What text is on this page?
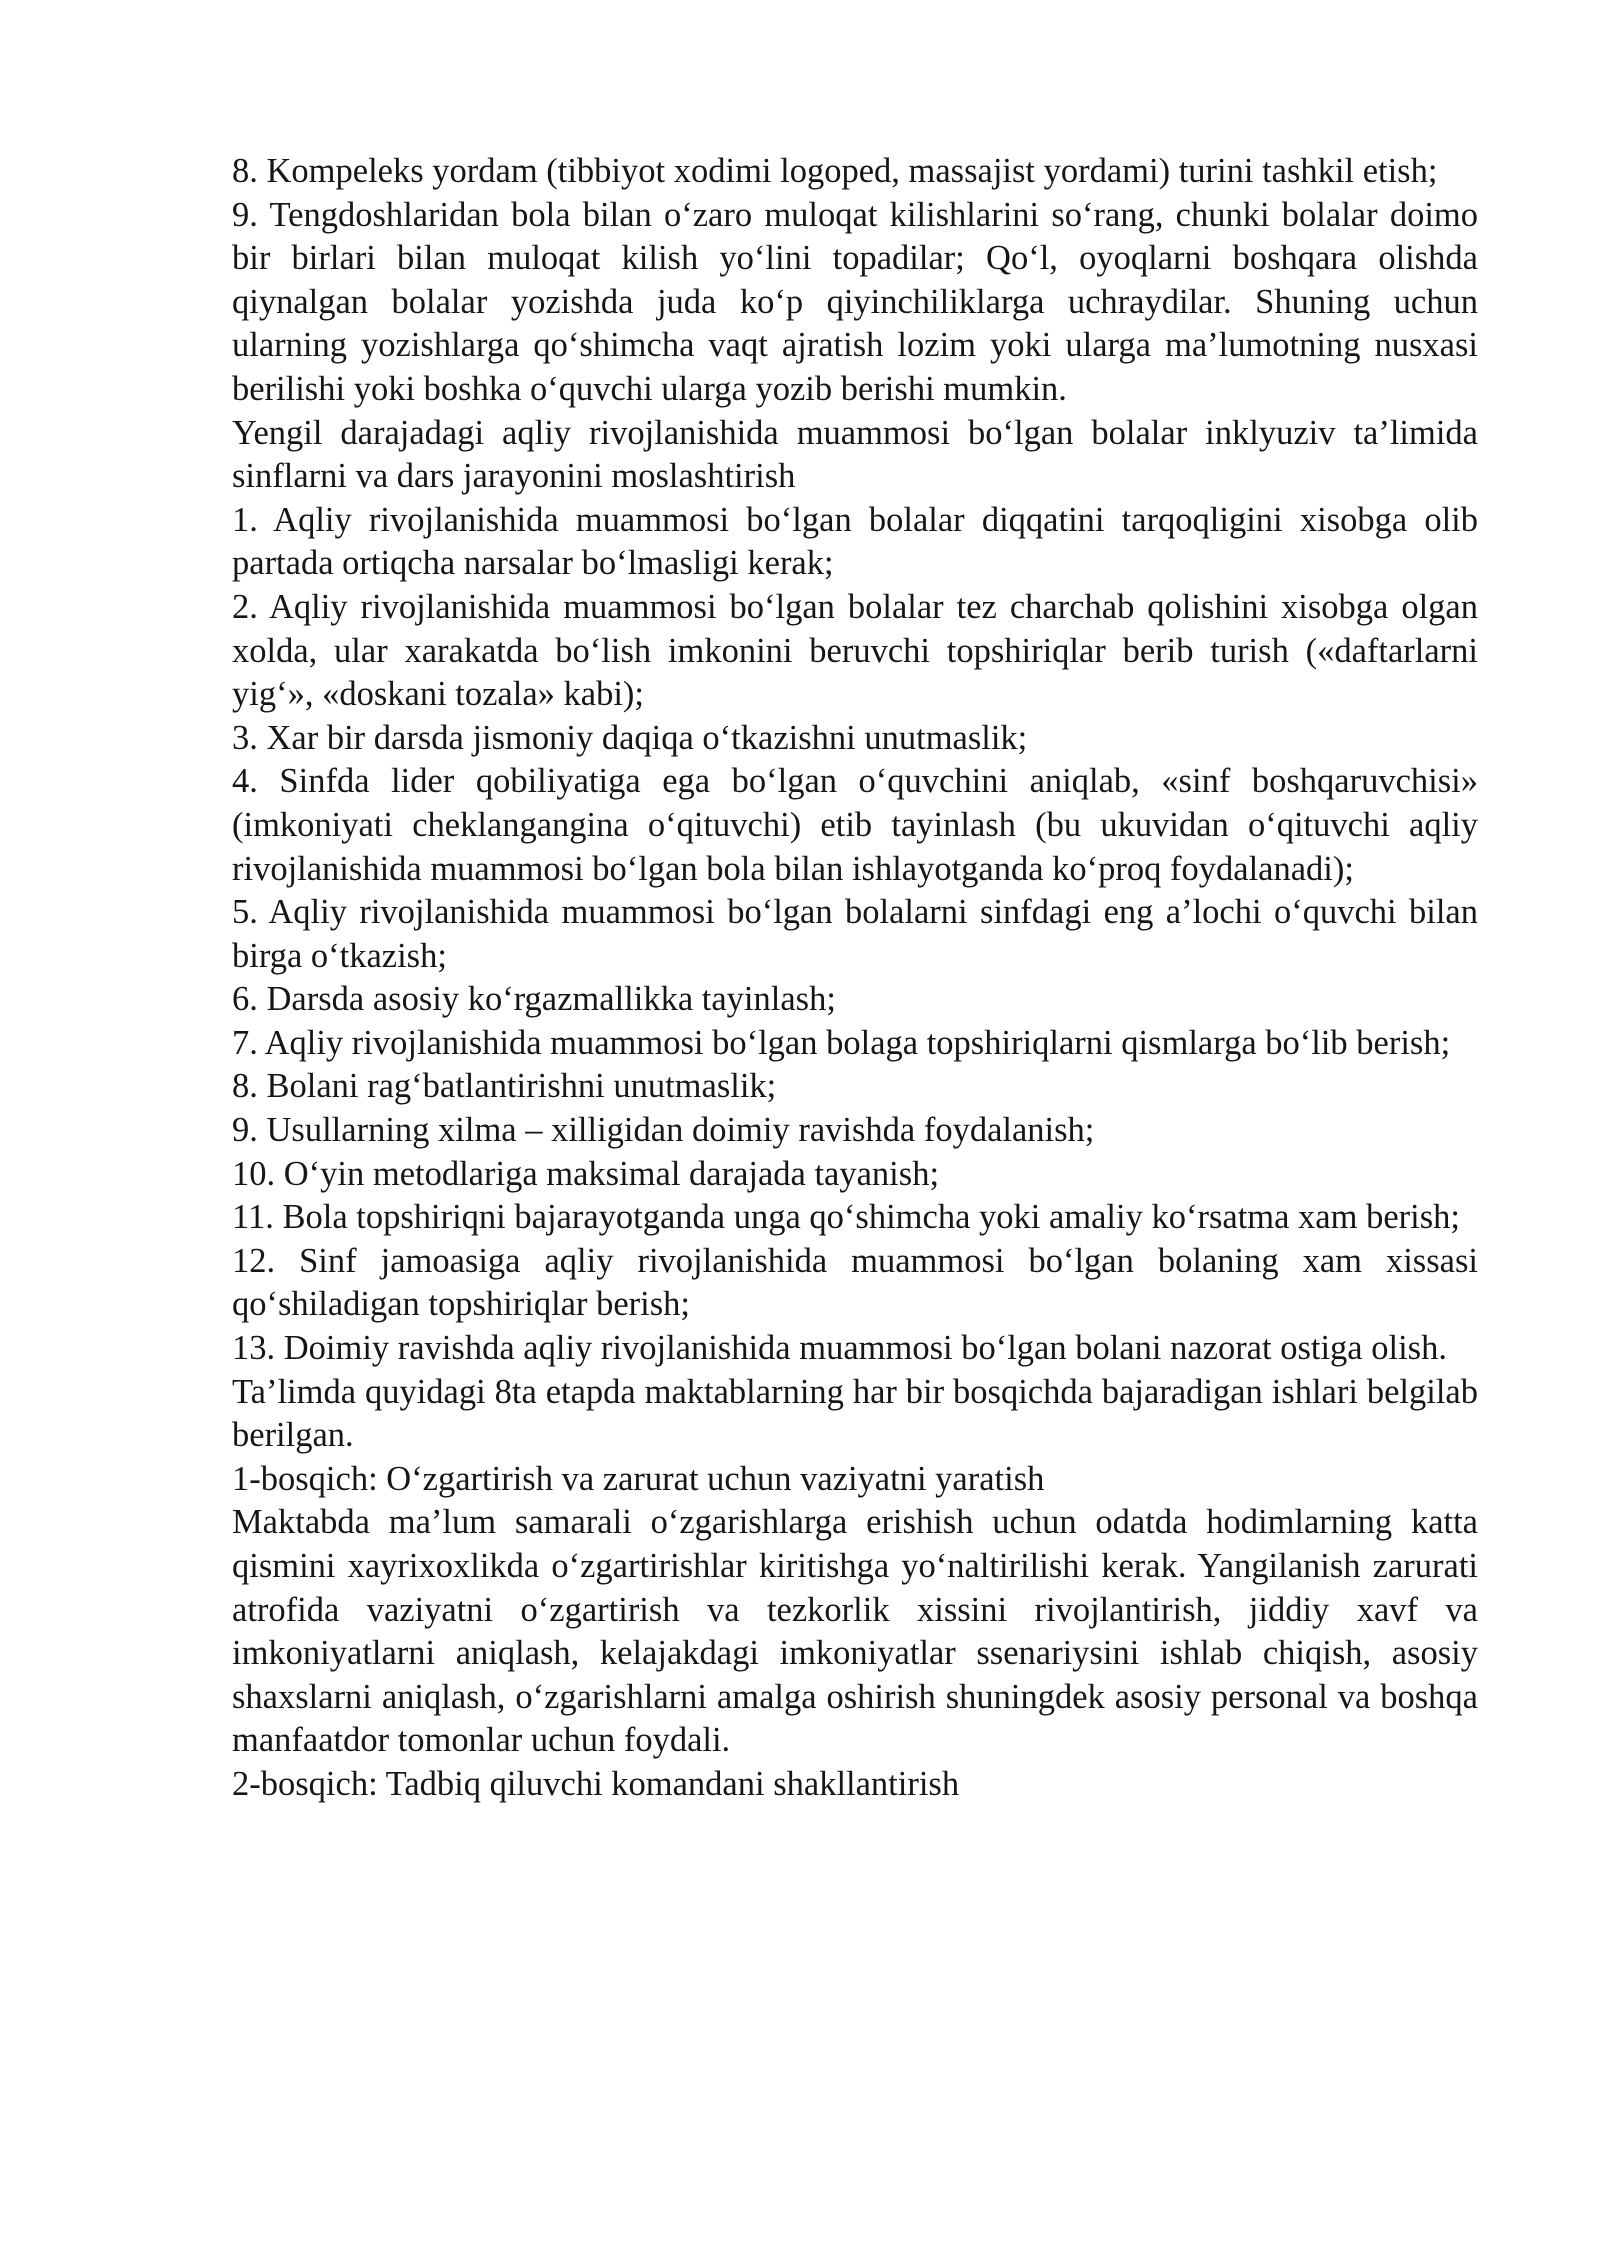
8. Kompeleks yordam (tibbiyot xodimi logoped, massajist yordami) turini tashkil etish;

9. Tengdoshlaridan bola bilan o‘zaro muloqat kilishlarini so‘rang, chunki bolalar doimo bir birlari bilan muloqat kilish yo‘lini topadilar; Qo‘l, oyoqlarni boshqara olishda qiynalgan bolalar yozishda juda ko‘p qiyinchiliklarga uchraydilar. Shuning uchun ularning yozishlarga qo‘shimcha vaqt ajratish lozim yoki ularga ma’lumotning nusxasi berilishi yoki boshka o‘quvchi ularga yozib berishi mumkin.

Yengil darajadagi aqliy rivojlanishida muammosi bo‘lgan bolalar inklyuziv ta’limida sinflarni va dars jarayonini moslashtirish

1. Aqliy rivojlanishida muammosi bo‘lgan bolalar diqqatini tarqoqligini xisobga olib partada ortiqcha narsalar bo‘lmasligi kerak;

2. Aqliy rivojlanishida muammosi bo‘lgan bolalar tez charchab qolishini xisobga olgan xolda, ular xarakatda bo‘lish imkonini beruvchi topshiriqlar berib turish («daftarlarni yig‘», «doskani tozala» kabi);

3. Xar bir darsda jismoniy daqiqa o‘tkazishni unutmaslik;

4. Sinfda lider qobiliyatiga ega bo‘lgan o‘quvchini aniqlab, «sinf boshqaruvchisi» (imkoniyati cheklangangina o‘qituvchi) etib tayinlash (bu ukuvidan o‘qituvchi aqliy rivojlanishida muammosi bo‘lgan bola bilan ishlayotganda ko‘proq foydalanadi);

5. Aqliy rivojlanishida muammosi bo‘lgan bolalarni sinfdagi eng a’lochi o‘quvchi bilan birga o‘tkazish;

6. Darsda asosiy ko‘rgazmallikka tayinlash;

7. Aqliy rivojlanishida muammosi bo‘lgan bolaga topshiriqlarni qismlarga bo‘lib berish;

8. Bolani rag‘batlantirishni unutmaslik;

9. Usullarning xilma – xilligidan doimiy ravishda foydalanish;

10. O‘yin metodlariga maksimal darajada tayanish;

11. Bola topshiriqni bajarayotganda unga qo‘shimcha yoki amaliy ko‘rsatma xam berish;

12. Sinf jamoasiga aqliy rivojlanishida muammosi bo‘lgan bolaning xam xissasi qo‘shiladigan topshiriqlar berish;

13. Doimiy ravishda aqliy rivojlanishida muammosi bo‘lgan bolani nazorat ostiga olish.

Ta’limda quyidagi 8ta etapda maktablarning har bir bosqichda bajaradigan ishlari belgilab berilgan.

1-bosqich: O‘zgartirish va zarurat uchun vaziyatni yaratish

Maktabda ma’lum samarali o‘zgarishlarga erishish uchun odatda hodimlarning katta qismini xayrixoxlikda o‘zgartirishlar kiritishga yo‘naltirilishi kerak. Yangilanish zarurati atrofida vaziyatni o‘zgartirish va tezkorlik xissini rivojlantirish, jiddiy xavf va imkoniyatlarni aniqlash, kelajakdagi imkoniyatlar ssenariysini ishlab chiqish, asosiy shaxslarni aniqlash, o‘zgarishlarni amalga oshirish shuningdek asosiy personal va boshqa manfaatdor tomonlar uchun foydali.

2-bosqich: Tadbiq qiluvchi komandani shakllantirish
